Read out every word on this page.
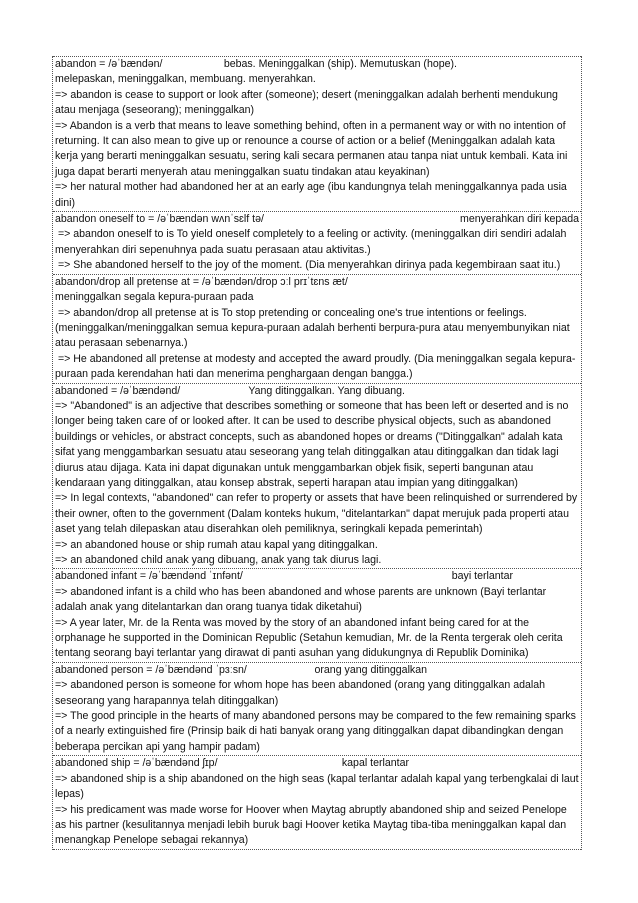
abandon = /əˈbændən/	bebas. Meninggalkan (ship). Memutuskan (hope).
melepaskan, meninggalkan, membuang. menyerahkan.
=> abandon is cease to support or look after (someone); desert (meninggalkan adalah berhenti mendukung atau menjaga (seseorang); meninggalkan)
=> Abandon is a verb that means to leave something behind, often in a permanent way or with no intention of returning. It can also mean to give up or renounce a course of action or a belief (Meninggalkan adalah kata kerja yang berarti meninggalkan sesuatu, sering kali secara permanen atau tanpa niat untuk kembali. Kata ini juga dapat berarti menyerah atau meninggalkan suatu tindakan atau keyakinan)
=> her natural mother had abandoned her at an early age (ibu kandungnya telah meninggalkannya pada usia dini)
abandon oneself to = /əˈbændən wʌnˈsɛlf tə/	menyerahkan diri kepada
=> abandon oneself to is To yield oneself completely to a feeling or activity. (meninggalkan diri sendiri adalah menyerahkan diri sepenuhnya pada suatu perasaan atau aktivitas.)
=> She abandoned herself to the joy of the moment. (Dia menyerahkan dirinya pada kegembiraan saat itu.)
abandon/drop all pretense at = /əˈbændən/drop ɔːl prɪˈtɛns æt/
meninggalkan segala kepura-puraan pada
=> abandon/drop all pretense at is To stop pretending or concealing one's true intentions or feelings. (meninggalkan/meninggalkan semua kepura-puraan adalah berhenti berpura-pura atau menyembunyikan niat atau perasaan sebenarnya.)
=> He abandoned all pretense at modesty and accepted the award proudly. (Dia meninggalkan segala kepura-puraan pada kerendahan hati dan menerima penghargaan dengan bangga.)
abandoned = /əˈbændənd/	Yang ditinggalkan. Yang dibuang.
=> "Abandoned" is an adjective that describes something or someone that has been left or deserted and is no longer being taken care of or looked after. It can be used to describe physical objects, such as abandoned buildings or vehicles, or abstract concepts, such as abandoned hopes or dreams ("Ditinggalkan" adalah kata sifat yang menggambarkan sesuatu atau seseorang yang telah ditinggalkan atau ditinggalkan dan tidak lagi diurus atau dijaga. Kata ini dapat digunakan untuk menggambarkan objek fisik, seperti bangunan atau kendaraan yang ditinggalkan, atau konsep abstrak, seperti harapan atau impian yang ditinggalkan)
=> In legal contexts, "abandoned" can refer to property or assets that have been relinquished or surrendered by their owner, often to the government (Dalam konteks hukum, "ditelantarkan" dapat merujuk pada properti atau aset yang telah dilepaskan atau diserahkan oleh pemiliknya, seringkali kepada pemerintah)
=> an abandoned house or ship rumah atau kapal yang ditinggalkan.
=> an abandoned child anak yang dibuang, anak yang tak diurus lagi.
abandoned infant = /əˈbændənd ˈɪnfənt/	bayi terlantar
=> abandoned infant is a child who has been abandoned and whose parents are unknown (Bayi terlantar adalah anak yang ditelantarkan dan orang tuanya tidak diketahui)
=> A year later, Mr. de la Renta was moved by the story of an abandoned infant being cared for at the orphanage he supported in the Dominican Republic (Setahun kemudian, Mr. de la Renta tergerak oleh cerita tentang seorang bayi terlantar yang dirawat di panti asuhan yang didukungnya di Republik Dominika)
abandoned person = /əˈbændənd ˈpɜːsn/	orang yang ditinggalkan
=> abandoned person is someone for whom hope has been abandoned (orang yang ditinggalkan adalah seseorang yang harapannya telah ditinggalkan)
=> The good principle in the hearts of many abandoned persons may be compared to the few remaining sparks of a nearly extinguished fire (Prinsip baik di hati banyak orang yang ditinggalkan dapat dibandingkan dengan beberapa percikan api yang hampir padam)
abandoned ship = /əˈbændənd ʃɪp/	kapal terlantar
=> abandoned ship is a ship abandoned on the high seas (kapal terlantar adalah kapal yang terbengkalai di laut lepas)
=> his predicament was made worse for Hoover when Maytag abruptly abandoned ship and seized Penelope as his partner (kesulitannya menjadi lebih buruk bagi Hoover ketika Maytag tiba-tiba meninggalkan kapal dan menangkap Penelope sebagai rekannya)
